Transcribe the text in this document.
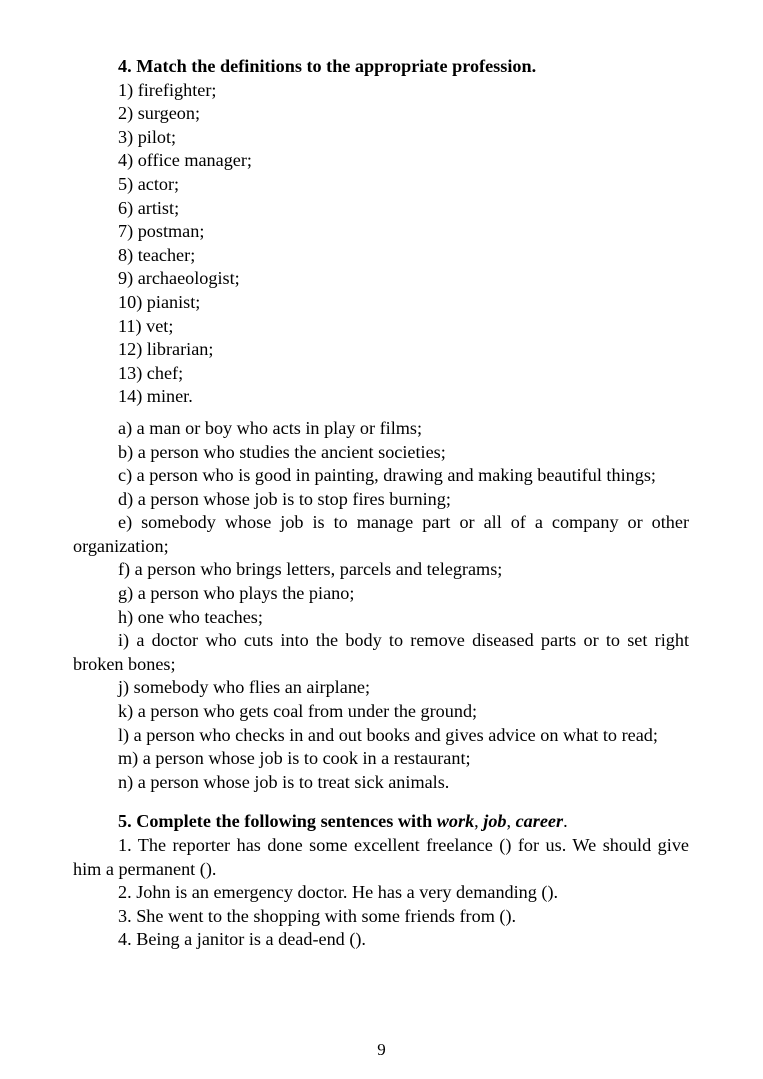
4. Match the definitions to the appropriate profession.

1) firefighter;
2) surgeon;
3) pilot;
4) office manager;
5) actor;
6) artist;
7) postman;
8) teacher;
9) archaeologist;
10) pianist;
11) vet;
12) librarian;
13) chef;
14) miner.

a) a man or boy who acts in play or films;

b) a person who studies the ancient societies;

c) a person who is good in painting, drawing and making beautiful things;

d) a person whose job is to stop fires burning;

e) somebody whose job is to manage part or all of a company or other organization;

f) a person who brings letters, parcels and telegrams;

g) a person who plays the piano;

h) one who teaches;

i) a doctor who cuts into the body to remove diseased parts or to set right broken bones;

j) somebody who flies an airplane;

k) a person who gets coal from under the ground;

l) a person who checks in and out books and gives advice on what to read;

m) a person whose job is to cook in a restaurant;

n) a person whose job is to treat sick animals.

5. Complete the following sentences with work, job, career.

1. The reporter has done some excellent freelance () for us. We should give him a permanent ().

2. John is an emergency doctor. He has a very demanding ().

3. She went to the shopping with some friends from ().

4. Being a janitor is a dead-end ().

9
